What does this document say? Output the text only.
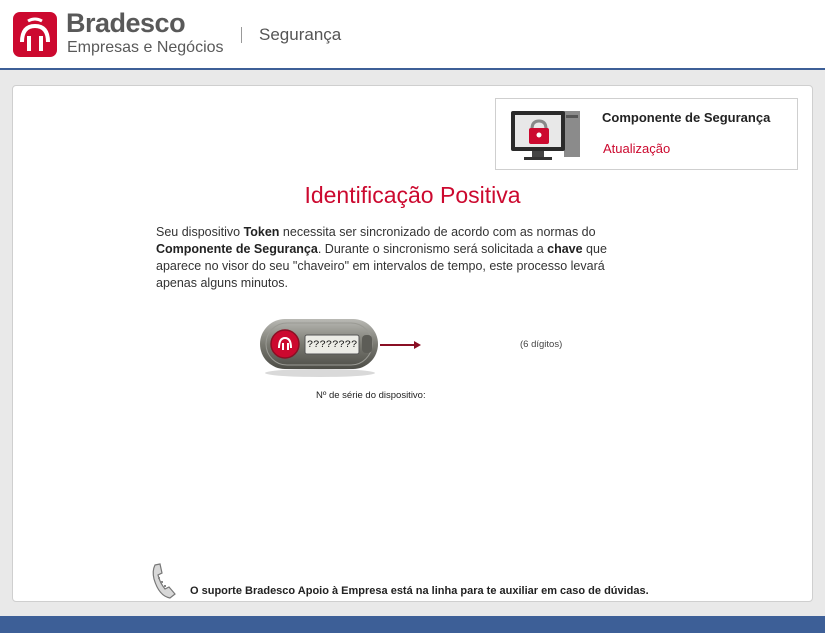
Bradesco
Empresas e Negócios
Segurança
Componente de Segurança
Atualização
Identificação Positiva
Seu dispositivo Token necessita ser sincronizado de acordo com as normas do Componente de Segurança. Durante o sincronismo será solicitada a chave que aparece no visor do seu "chaveiro" em intervalos de tempo, este processo levará apenas alguns minutos.
????????	(6 dígitos)
Nº de série do dispositivo:
O suporte Bradesco Apoio à Empresa está na linha para te auxiliar em caso de dúvidas.
